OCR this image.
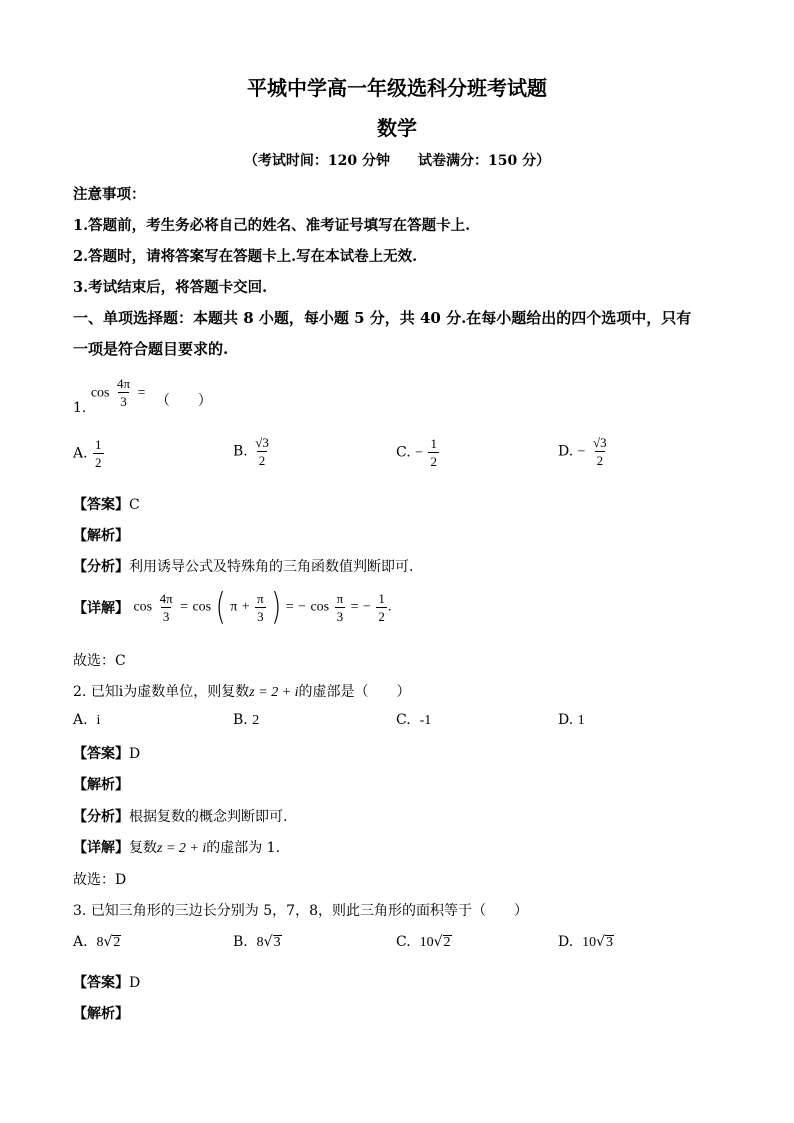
平城中学高一年级选科分班考试题
数学
（考试时间：120 分钟　　试卷满分：150 分）
注意事项：
1.答题前，考生务必将自己的姓名、准考证号填写在答题卡上.
2.答题时，请将答案写在答题卡上.写在本试卷上无效.
3.考试结束后，将答题卡交回.
一、单项选择题：本题共 8 小题，每小题 5 分，共 40 分.在每小题给出的四个选项中，只有
一项是符合题目要求的.
1. $\cos \frac{4\pi}{3}$ = （　　）
A. $\frac{1}{2}$	B. $\frac{√3}{2}$	C. − $\frac{1}{2}$	D. − $\frac{√3}{2}$
【答案】C
【解析】
【分析】利用诱导公式及特殊角的三角函数值判断即可.
【详解】 $\cos \frac{4\pi}{3} = \cos$ ( $\pi + \frac{\pi}{3}$ ) = − $\cos \frac{\pi}{3}$ = − $\frac{1}{2}$ .
故选：C
2. 已知i为虚数单位，则复数z = 2 + i的虚部是（　　）
A. i	B. 2	C. -1	D. 1
【答案】D
【解析】
【分析】根据复数的概念判断即可.
【详解】复数z = 2 + i的虚部为 1.
故选：D
3. 已知三角形的三边长分别为 5，7，8，则此三角形的面积等于（　　）
A. 8 √ 2	B. 8 √ 3	C. 10 √ 2	D. 10 √ 3
【答案】D
【解析】
